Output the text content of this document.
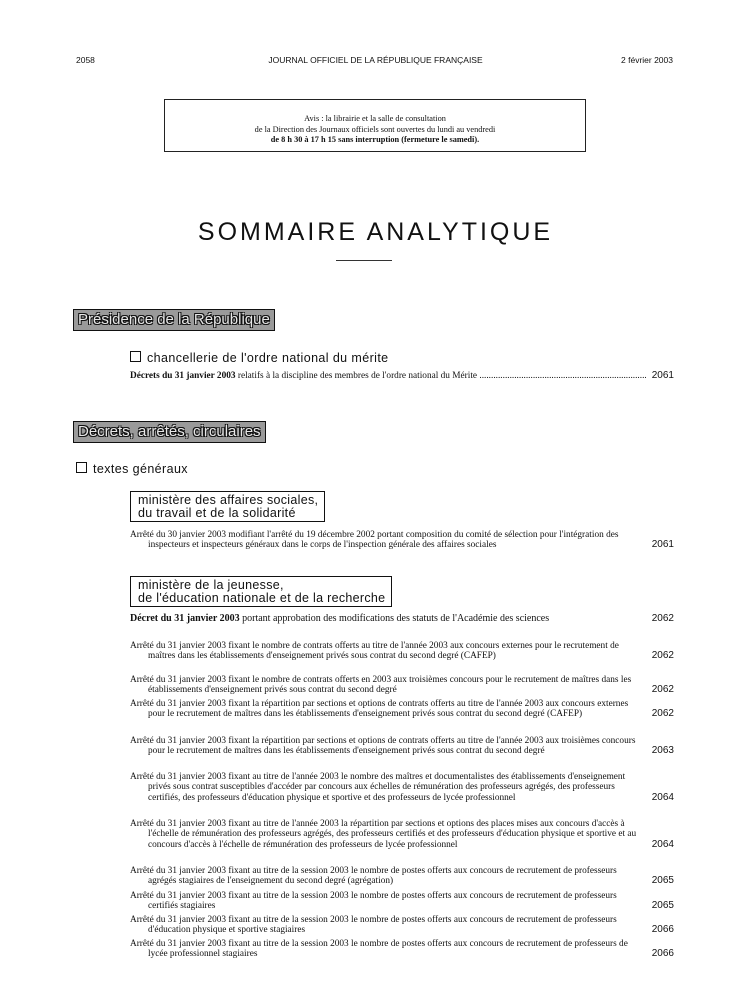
2058	JOURNAL OFFICIEL DE LA RÉPUBLIQUE FRANÇAISE	2 février 2003
Avis : la librairie et la salle de consultation
de la Direction des Journaux officiels sont ouvertes du lundi au vendredi
de 8 h 30 à 17 h 15 sans interruption (fermeture le samedi).
SOMMAIRE ANALYTIQUE
Présidence de la République
chancellerie de l'ordre national du mérite
Décrets du 31 janvier 2003 relatifs à la discipline des membres de l'ordre national du Mérite .....	2061
Décrets, arrêtés, circulaires
textes généraux
ministère des affaires sociales,
du travail et de la solidarité
Arrêté du 30 janvier 2003 modifiant l'arrêté du 19 décembre 2002 portant composition du comité de sélection pour l'intégration des inspecteurs et inspecteurs généraux dans le corps de l'inspection générale des affaires sociales	2061
ministère de la jeunesse,
de l'éducation nationale et de la recherche
Décret du 31 janvier 2003 portant approbation des modifications des statuts de l'Académie des sciences	2062
Arrêté du 31 janvier 2003 fixant le nombre de contrats offerts au titre de l'année 2003 aux concours externes pour le recrutement de maîtres dans les établissements d'enseignement privés sous contrat du second degré (CAFEP)	2062
Arrêté du 31 janvier 2003 fixant le nombre de contrats offerts en 2003 aux troisièmes concours pour le recrutement de maîtres dans les établissements d'enseignement privés sous contrat du second degré	2062
Arrêté du 31 janvier 2003 fixant la répartition par sections et options de contrats offerts au titre de l'année 2003 aux concours externes pour le recrutement de maîtres dans les établissements d'enseignement privés sous contrat du second degré (CAFEP)	2062
Arrêté du 31 janvier 2003 fixant la répartition par sections et options de contrats offerts au titre de l'année 2003 aux troisièmes concours pour le recrutement de maîtres dans les établissements d'enseignement privés sous contrat du second degré	2063
Arrêté du 31 janvier 2003 fixant au titre de l'année 2003 le nombre des maîtres et documentalistes des établissements d'enseignement privés sous contrat susceptibles d'accéder par concours aux échelles de rémunération des professeurs agrégés, des professeurs certifiés, des professeurs d'éducation physique et sportive et des professeurs de lycée professionnel	2064
Arrêté du 31 janvier 2003 fixant au titre de l'année 2003 la répartition par sections et options des places mises aux concours d'accès à l'échelle de rémunération des professeurs agrégés, des professeurs certifiés et des professeurs d'éducation physique et sportive et au concours d'accès à l'échelle de rémunération des professeurs de lycée professionnel	2064
Arrêté du 31 janvier 2003 fixant au titre de la session 2003 le nombre de postes offerts aux concours de recrutement de professeurs agrégés stagiaires de l'enseignement du second degré (agrégation)	2065
Arrêté du 31 janvier 2003 fixant au titre de la session 2003 le nombre de postes offerts aux concours de recrutement de professeurs certifiés stagiaires	2065
Arrêté du 31 janvier 2003 fixant au titre de la session 2003 le nombre de postes offerts aux concours de recrutement de professeurs d'éducation physique et sportive stagiaires	2066
Arrêté du 31 janvier 2003 fixant au titre de la session 2003 le nombre de postes offerts aux concours de recrutement de professeurs de lycée professionnel stagiaires	2066
